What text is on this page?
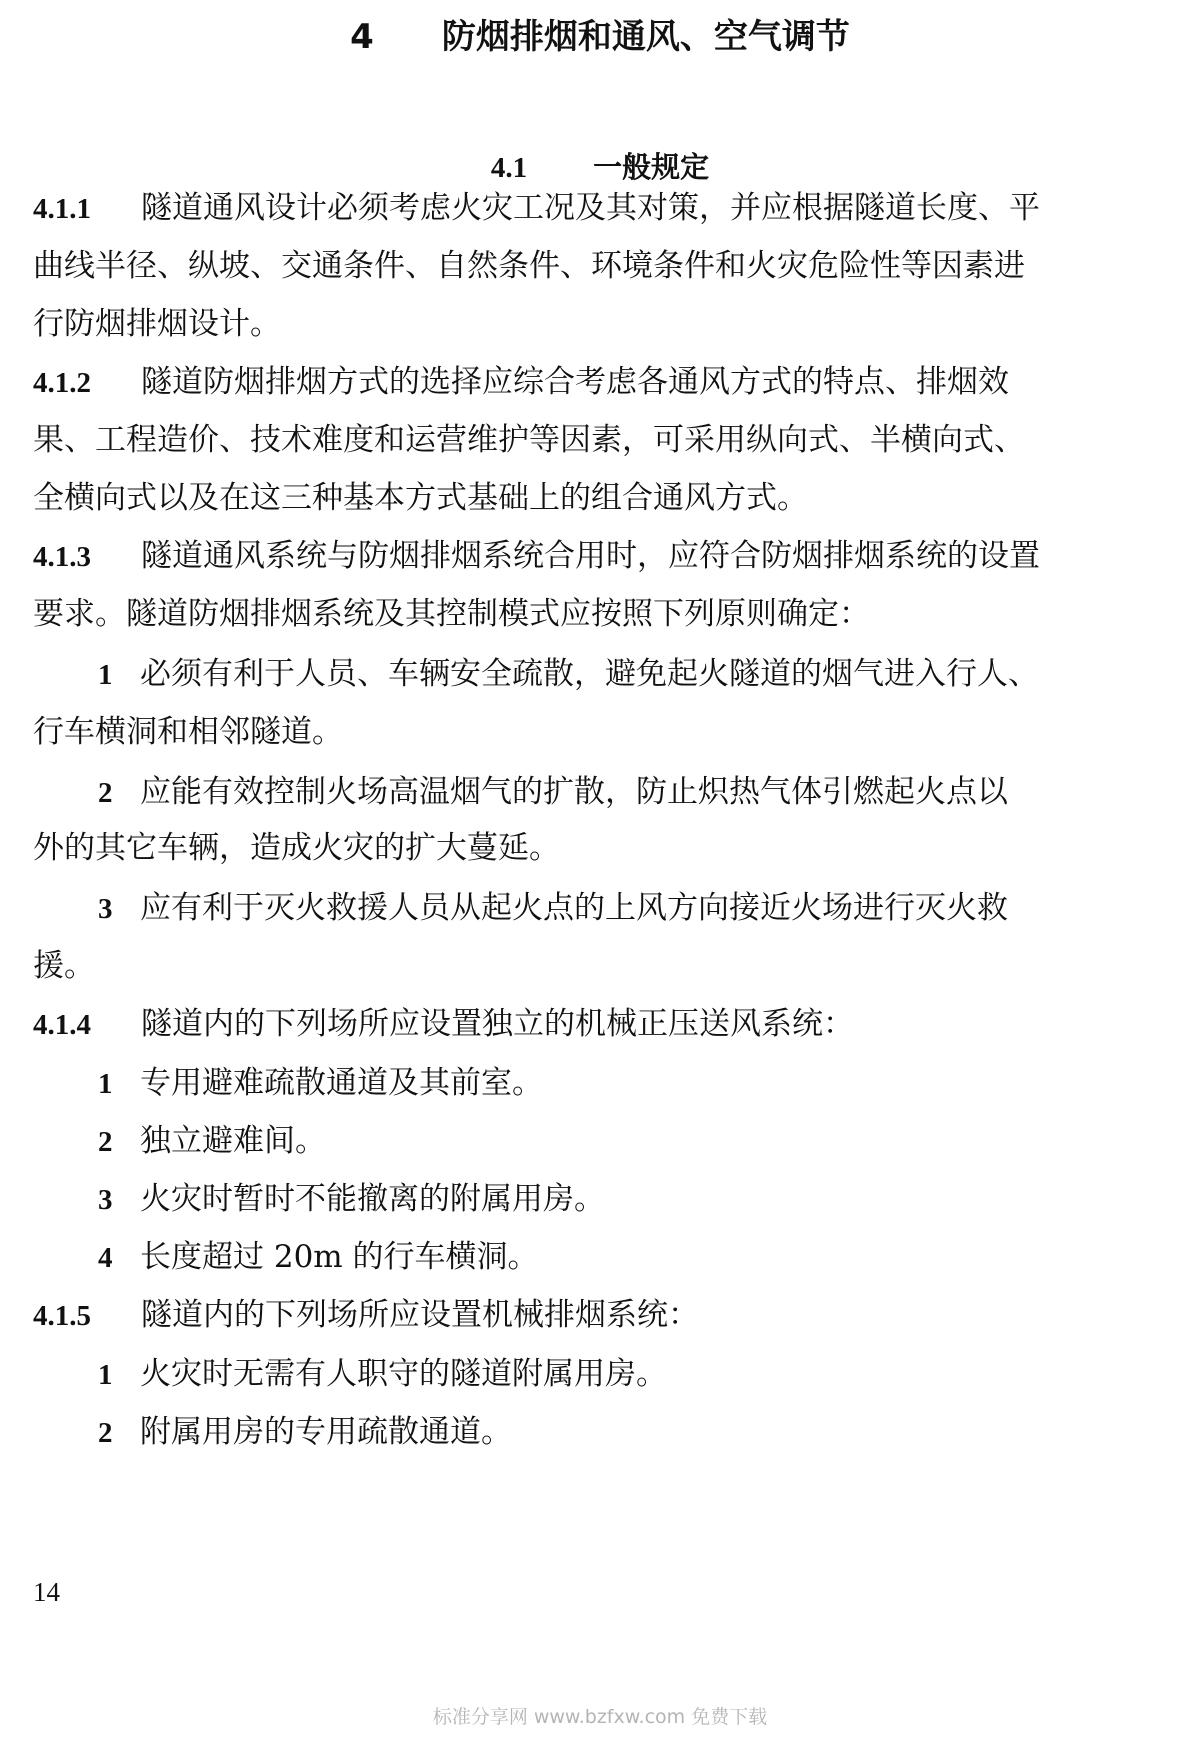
4 防烟排烟和通风、空气调节
4.1 一般规定
4.1.1 隧道通风设计必须考虑火灾工况及其对策，并应根据隧道长度、平
曲线半径、纵坡、交通条件、自然条件、环境条件和火灾危险性等因素进
行防烟排烟设计。
4.1.2 隧道防烟排烟方式的选择应综合考虑各通风方式的特点、排烟效
果、工程造价、技术难度和运营维护等因素，可采用纵向式、半横向式、
全横向式以及在这三种基本方式基础上的组合通风方式。
4.1.3 隧道通风系统与防烟排烟系统合用时，应符合防烟排烟系统的设置
要求。隧道防烟排烟系统及其控制模式应按照下列原则确定：
1 必须有利于人员、车辆安全疏散，避免起火隧道的烟气进入行人、
行车横洞和相邻隧道。
2 应能有效控制火场高温烟气的扩散，防止炽热气体引燃起火点以
外的其它车辆，造成火灾的扩大蔓延。
3 应有利于灭火救援人员从起火点的上风方向接近火场进行灭火救
援。
4.1.4 隧道内的下列场所应设置独立的机械正压送风系统：
1 专用避难疏散通道及其前室。
2 独立避难间。
3 火灾时暂时不能撤离的附属用房。
4 长度超过 20m 的行车横洞。
4.1.5 隧道内的下列场所应设置机械排烟系统：
1 火灾时无需有人职守的隧道附属用房。
2 附属用房的专用疏散通道。
14
标准分享网 www.bzfxw.com 免费下载
